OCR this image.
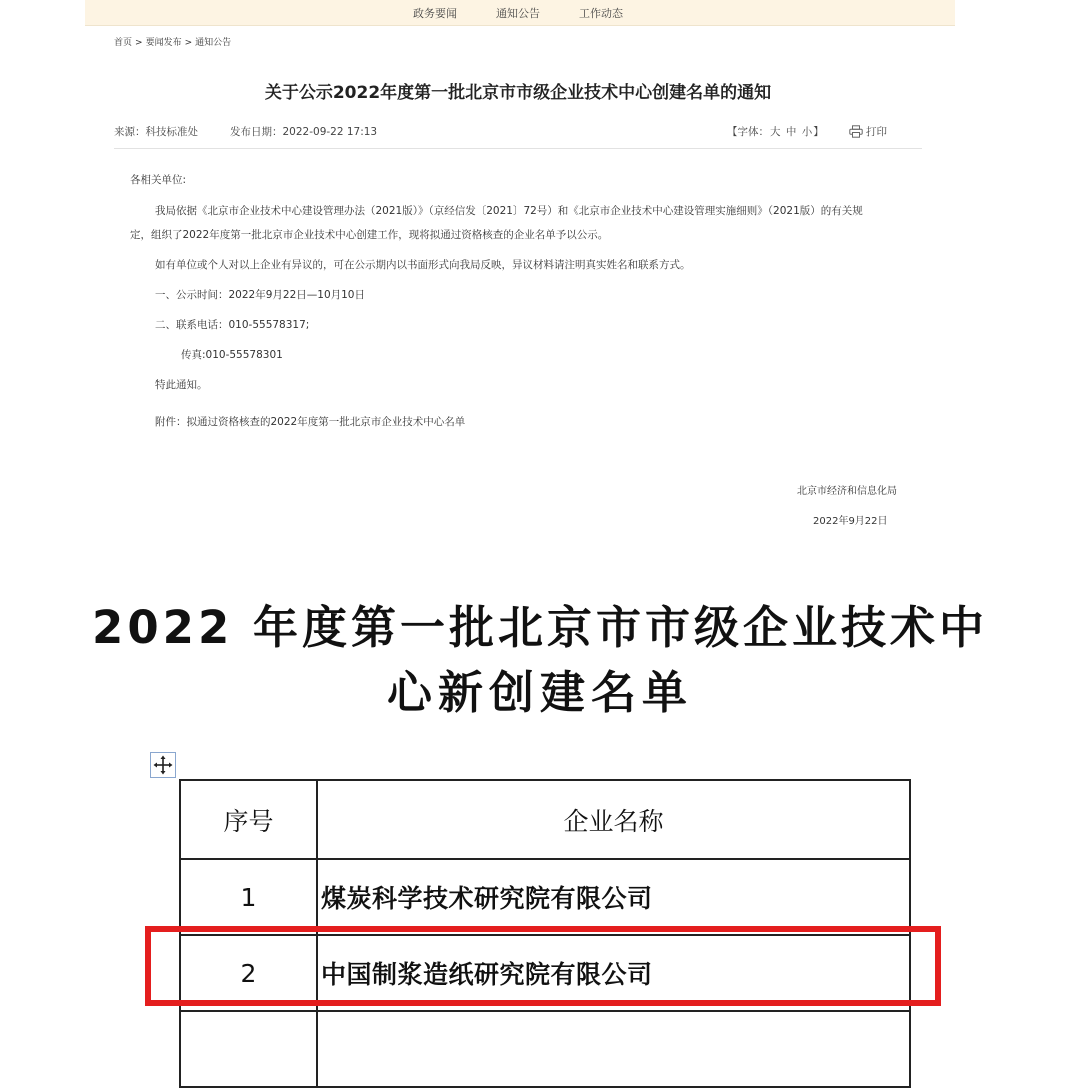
政务要闻	通知公告	工作动态
首页 > 要闻发布 > 通知公告
关于公示2022年度第一批北京市市级企业技术中心创建名单的通知
来源：科技标准处	发布日期：2022-09-22 17:13	【字体：大 中 小】	打印
各相关单位:
我局依据《北京市企业技术中心建设管理办法（2021版）》（京经信发〔2021〕72号）和《北京市企业技术中心建设管理实施细则》（2021版）的有关规
定，组织了2022年度第一批北京市企业技术中心创建工作，现将拟通过资格核查的企业名单予以公示。
如有单位或个人对以上企业有异议的，可在公示期内以书面形式向我局反映，异议材料请注明真实姓名和联系方式。
一、公示时间：2022年9月22日—10月10日
二、联系电话：010-55578317;
传真:010-55578301
特此通知。
附件：拟通过资格核查的2022年度第一批北京市企业技术中心名单
北京市经济和信息化局
2022年9月22日
2022 年度第一批北京市市级企业技术中
心新创建名单
序号	企业名称
1	煤炭科学技术研究院有限公司
2	中国制浆造纸研究院有限公司
